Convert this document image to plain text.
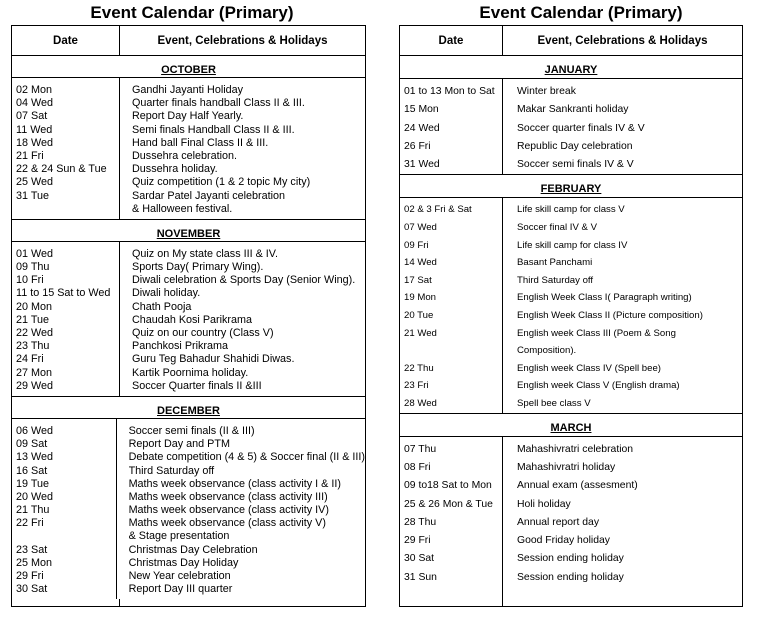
Event Calendar (Primary)
Date	Event, Celebrations & Holidays
OCTOBER
02 Mon
04 Wed
07 Sat
11 Wed
18 Wed
21 Fri
22 & 24 Sun & Tue
25 Wed
31 Tue
Gandhi Jayanti Holiday
Quarter finals handball Class II & III.
Report Day Half Yearly.
Semi finals Handball Class II & III.
Hand ball Final Class II & III.
Dussehra celebration.
Dussehra holiday.
Quiz competition (1 & 2 topic My city)
Sardar Patel Jayanti celebration
& Halloween festival.
NOVEMBER
01 Wed
09 Thu
10 Fri
11 to 15 Sat to Wed
20 Mon
21 Tue
22 Wed
23 Thu
24 Fri
27 Mon
29 Wed
Quiz on My state class III & IV.
Sports Day( Primary Wing).
Diwali celebration & Sports Day (Senior Wing).
Diwali holiday.
Chath Pooja
Chaudah Kosi Parikrama
Quiz on our country (Class V)
Panchkosi Prikrama
Guru Teg Bahadur Shahidi Diwas.
Kartik Poornima holiday.
Soccer Quarter finals II &III
DECEMBER
06 Wed
09 Sat
13 Wed
16 Sat
19 Tue
20 Wed
21 Thu
22 Fri
23 Sat
25 Mon
29 Fri
30 Sat
Soccer semi finals (II & III)
Report Day and PTM
Debate competition (4 & 5) & Soccer final (II & III)
Third Saturday off
Maths week observance (class activity I & II)
Maths week observance (class activity III)
Maths week observance (class activity IV)
Maths week observance (class activity V)
& Stage presentation
Christmas Day Celebration
Christmas Day Holiday
New Year celebration
Report Day III quarter
Event Calendar (Primary)
Date	Event, Celebrations & Holidays
JANUARY
01 to 13 Mon to Sat
15 Mon
24 Wed
26 Fri
31 Wed
Winter break
Makar Sankranti holiday
Soccer quarter finals IV & V
Republic Day celebration
Soccer semi finals IV & V
FEBRUARY
02 & 3 Fri & Sat
07 Wed
09 Fri
14 Wed
17 Sat
19 Mon
20 Tue
21 Wed
22 Thu
23 Fri
28 Wed
Life skill camp for class V
Soccer final IV & V
Life skill camp for class IV
Basant Panchami
Third Saturday off
English Week Class I( Paragraph writing)
English Week Class II (Picture composition)
English week Class III (Poem & Song
Composition).
English week Class IV (Spell bee)
English week Class V (English drama)
Spell bee class V
MARCH
07 Thu
08 Fri
09 to18 Sat to Mon
25 & 26 Mon & Tue
28 Thu
29 Fri
30 Sat
31 Sun
Mahashivratri celebration
Mahashivratri holiday
Annual exam (assesment)
Holi holiday
Annual report day
Good Friday holiday
Session ending holiday
Session ending holiday
